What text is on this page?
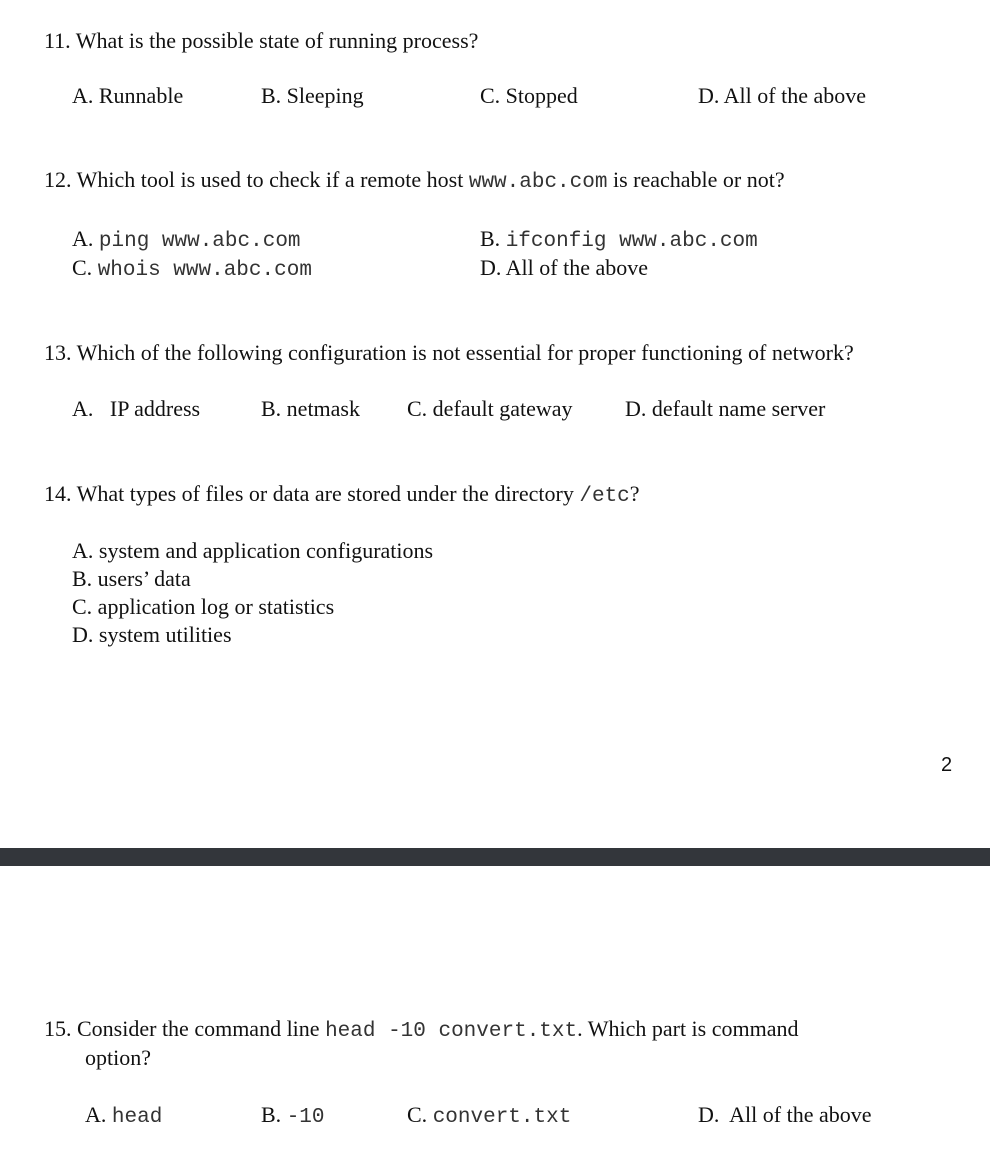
11. What is the possible state of running process?
A. Runnable	B. Sleeping	C. Stopped	D. All of the above
12. Which tool is used to check if a remote host www.abc.com is reachable or not?
A. ping www.abc.com	B. ifconfig www.abc.com
C. whois www.abc.com	D. All of the above
13. Which of the following configuration is not essential for proper functioning of network?
A.   IP address	B. netmask C. default gateway D. default name server
14. What types of files or data are stored under the directory /etc?
A. system and application configurations
B. users’ data
C. application log or statistics
D. system utilities
2
15. Consider the command line head -10 convert.txt. Which part is command
option?
A. head	B. -10	C. convert.txt	D.  All of the above
